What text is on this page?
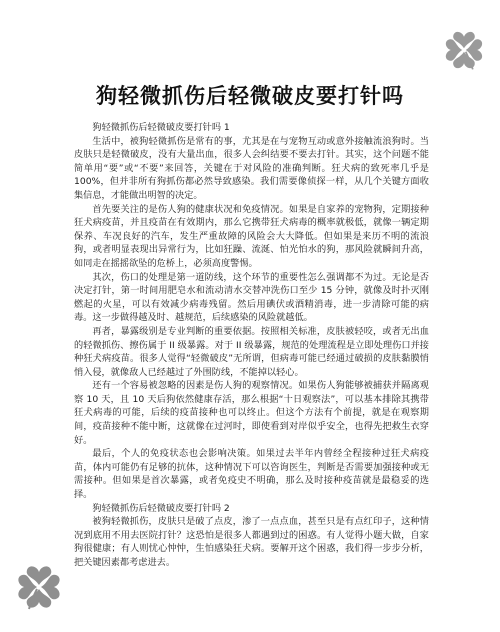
狗轻微抓伤后轻微破皮要打针吗

狗轻微抓伤后轻微破皮要打针吗 1

生活中，被狗轻微抓伤是常有的事，尤其是在与宠物互动或意外接触流浪狗时。当皮肤只是轻微破皮，没有大量出血，很多人会纠结要不要去打针。其实，这个问题不能简单用“要”或“不要”来回答，关键在于对风险的准确判断。狂犬病的致死率几乎是 100%，但并非所有狗抓伤都必然导致感染。我们需要像侦探一样，从几个关键方面收集信息，才能做出明智的决定。

首先要关注的是伤人狗的健康状况和免疫情况。如果是自家养的宠物狗，定期接种狂犬病疫苗，并且疫苗在有效期内，那么它携带狂犬病毒的概率就极低，就像一辆定期保养、车况良好的汽车，发生严重故障的风险会大大降低。但如果是来历不明的流浪狗，或者明显表现出异常行为，比如狂躁、流涎、怕光怕水的狗，那风险就瞬间升高，如同走在摇摇欲坠的危桥上，必须高度警惕。

其次，伤口的处理是第一道防线，这个环节的重要性怎么强调都不为过。无论是否决定打针，第一时间用肥皂水和流动清水交替冲洗伤口至少 15 分钟，就像及时扑灭刚燃起的火星，可以有效减少病毒残留。然后用碘伏或酒精消毒，进一步清除可能的病毒。这一步做得越及时、越规范，后续感染的风险就越低。

再者，暴露级别是专业判断的重要依据。按照相关标准，皮肤被轻咬，或者无出血的轻微抓伤、擦伤属于 II 级暴露。对于 II 级暴露，规范的处理流程是立即处理伤口并接种狂犬病疫苗。很多人觉得“轻微破皮”无所谓，但病毒可能已经通过破损的皮肤黏膜悄悄入侵，就像敌人已经越过了外围防线，不能掉以轻心。

还有一个容易被忽略的因素是伤人狗的观察情况。如果伤人狗能够被捕获并隔离观察 10 天，且 10 天后狗依然健康存活，那么根据“十日观察法”，可以基本排除其携带狂犬病毒的可能，后续的疫苗接种也可以终止。但这个方法有个前提，就是在观察期间，疫苗接种不能中断，这就像在过河时，即使看到对岸似乎安全，也得先把救生衣穿好。

最后，个人的免疫状态也会影响决策。如果过去半年内曾经全程接种过狂犬病疫苗，体内可能仍有足够的抗体，这种情况下可以咨询医生，判断是否需要加强接种或无需接种。但如果是首次暴露，或者免疫史不明确，那么及时接种疫苗就是最稳妥的选择。

狗轻微抓伤后轻微破皮要打针吗 2

被狗轻微抓伤，皮肤只是破了点皮，渗了一点点血，甚至只是有点红印子，这种情况到底用不用去医院打针？这恐怕是很多人都遇到过的困惑。有人觉得小题大做，自家狗很健康；有人则忧心忡忡，生怕感染狂犬病。要解开这个困惑，我们得一步步分析，把关键因素都考虑进去。
